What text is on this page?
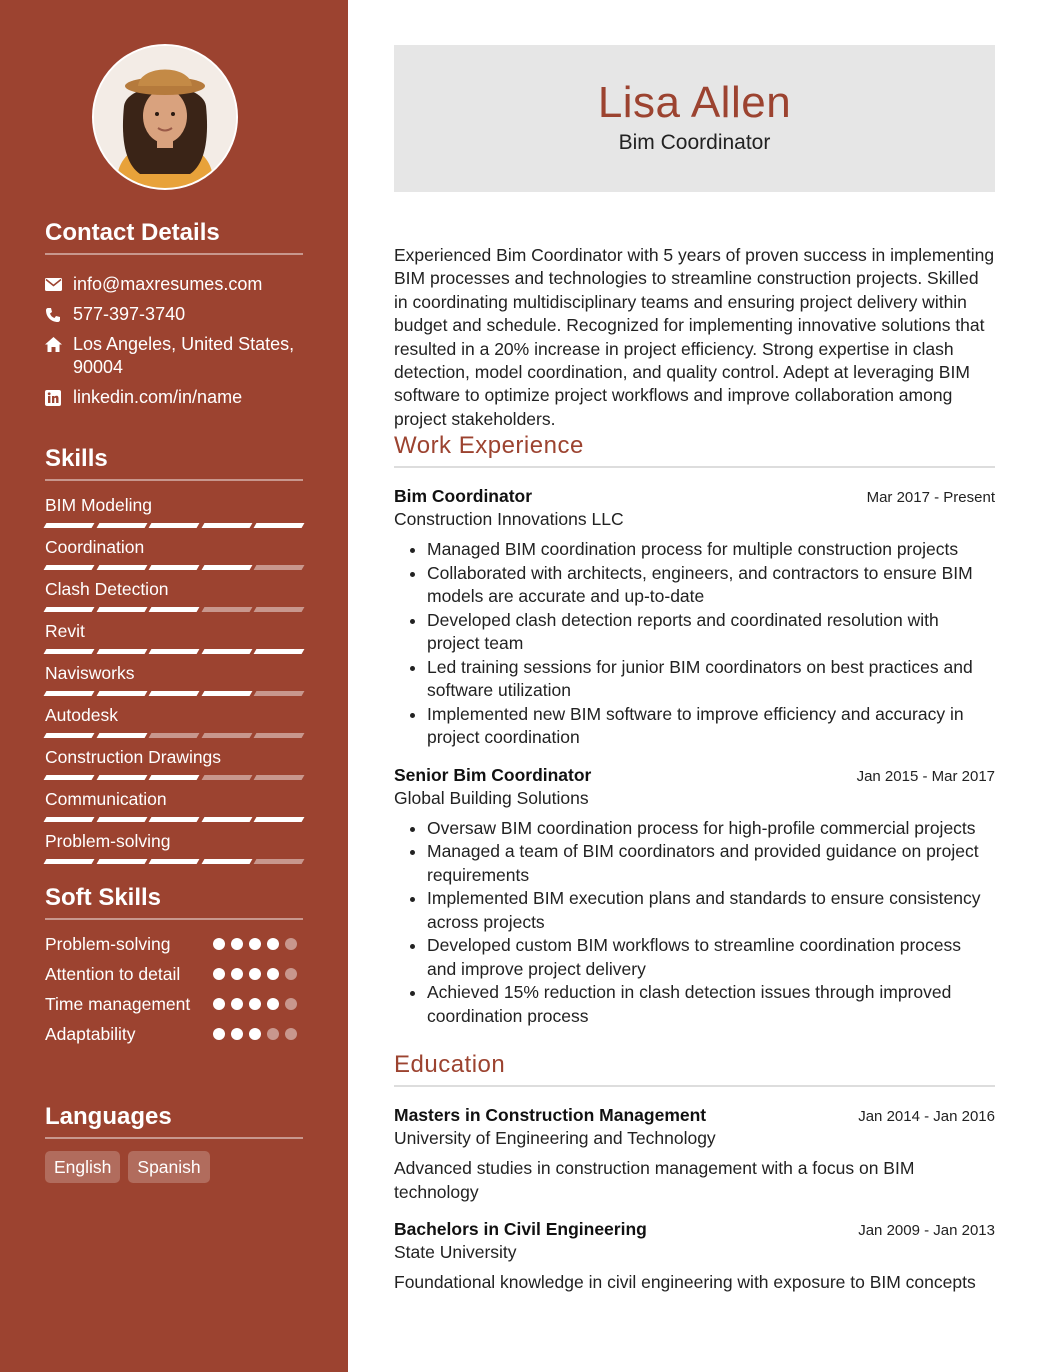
Contact Details
info@maxresumes.com
577-397-3740
Los Angeles, United States, 90004
linkedin.com/in/name
Skills
BIM Modeling
Coordination
Clash Detection
Revit
Navisworks
Autodesk
Construction Drawings
Communication
Problem-solving
Soft Skills
Problem-solving
Attention to detail
Time management
Adaptability
Languages
English	Spanish
Lisa Allen
Bim Coordinator
Experienced Bim Coordinator with 5 years of proven success in implementing BIM processes and technologies to streamline construction projects. Skilled in coordinating multidisciplinary teams and ensuring project delivery within budget and schedule. Recognized for implementing innovative solutions that resulted in a 20% increase in project efficiency. Strong expertise in clash detection, model coordination, and quality control. Adept at leveraging BIM software to optimize project workflows and improve collaboration among project stakeholders.
Work Experience
Bim Coordinator	Mar 2017 - Present
Construction Innovations LLC
• Managed BIM coordination process for multiple construction projects
• Collaborated with architects, engineers, and contractors to ensure BIM models are accurate and up-to-date
• Developed clash detection reports and coordinated resolution with project team
• Led training sessions for junior BIM coordinators on best practices and software utilization
• Implemented new BIM software to improve efficiency and accuracy in project coordination
Senior Bim Coordinator	Jan 2015 - Mar 2017
Global Building Solutions
• Oversaw BIM coordination process for high-profile commercial projects
• Managed a team of BIM coordinators and provided guidance on project requirements
• Implemented BIM execution plans and standards to ensure consistency across projects
• Developed custom BIM workflows to streamline coordination process and improve project delivery
• Achieved 15% reduction in clash detection issues through improved coordination process
Education
Masters in Construction Management	Jan 2014 - Jan 2016
University of Engineering and Technology
Advanced studies in construction management with a focus on BIM technology
Bachelors in Civil Engineering	Jan 2009 - Jan 2013
State University
Foundational knowledge in civil engineering with exposure to BIM concepts
